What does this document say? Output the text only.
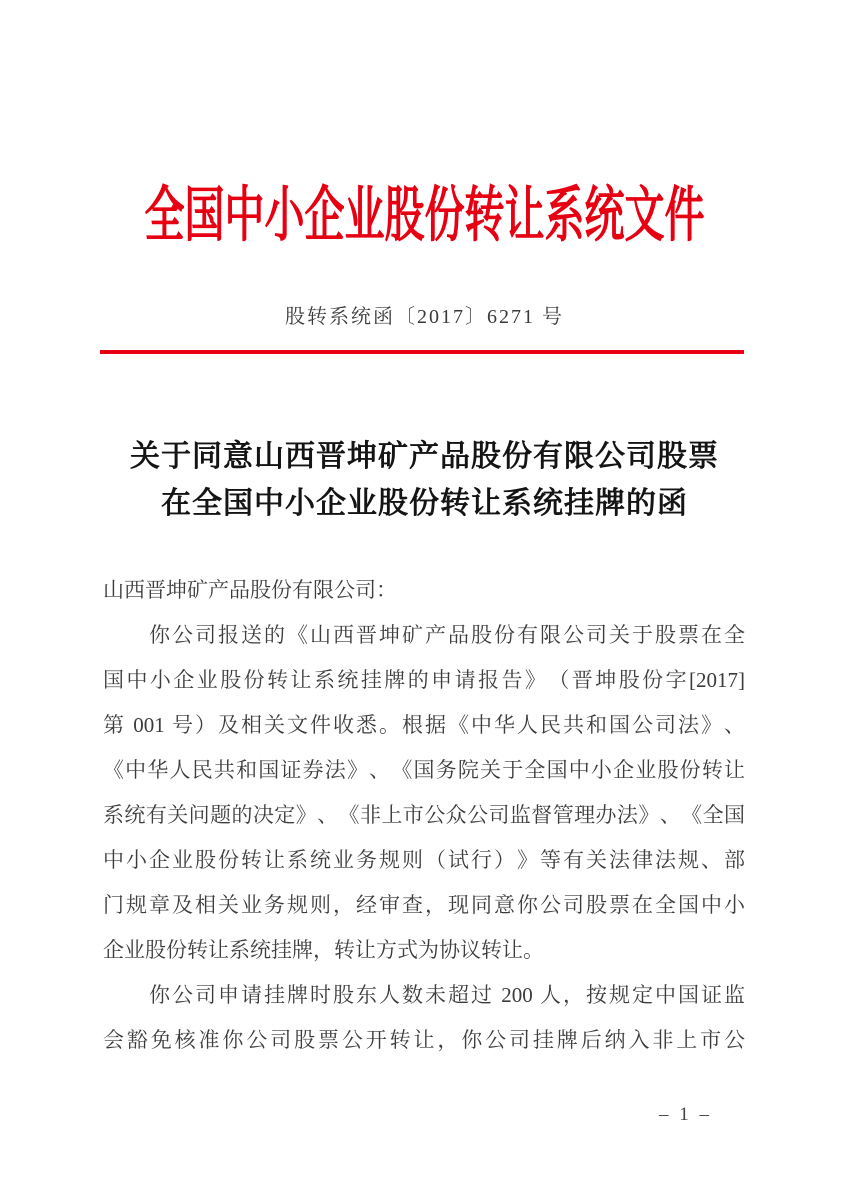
全国中小企业股份转让系统文件
股转系统函〔2017〕6271 号
关于同意山西晋坤矿产品股份有限公司股票
在全国中小企业股份转让系统挂牌的函
山西晋坤矿产品股份有限公司：
　　你公司报送的《山西晋坤矿产品股份有限公司关于股票在全
国中小企业股份转让系统挂牌的申请报告》（晋坤股份字[2017]
第 001 号）及相关文件收悉。根据《中华人民共和国公司法》、
《中华人民共和国证券法》、《国务院关于全国中小企业股份转让
系统有关问题的决定》、《非上市公众公司监督管理办法》、《全国
中小企业股份转让系统业务规则（试行）》等有关法律法规、部
门规章及相关业务规则，经审查，现同意你公司股票在全国中小
企业股份转让系统挂牌，转让方式为协议转让。
　　你公司申请挂牌时股东人数未超过 200 人，按规定中国证监
会豁免核准你公司股票公开转让，你公司挂牌后纳入非上市公
– 1 –
